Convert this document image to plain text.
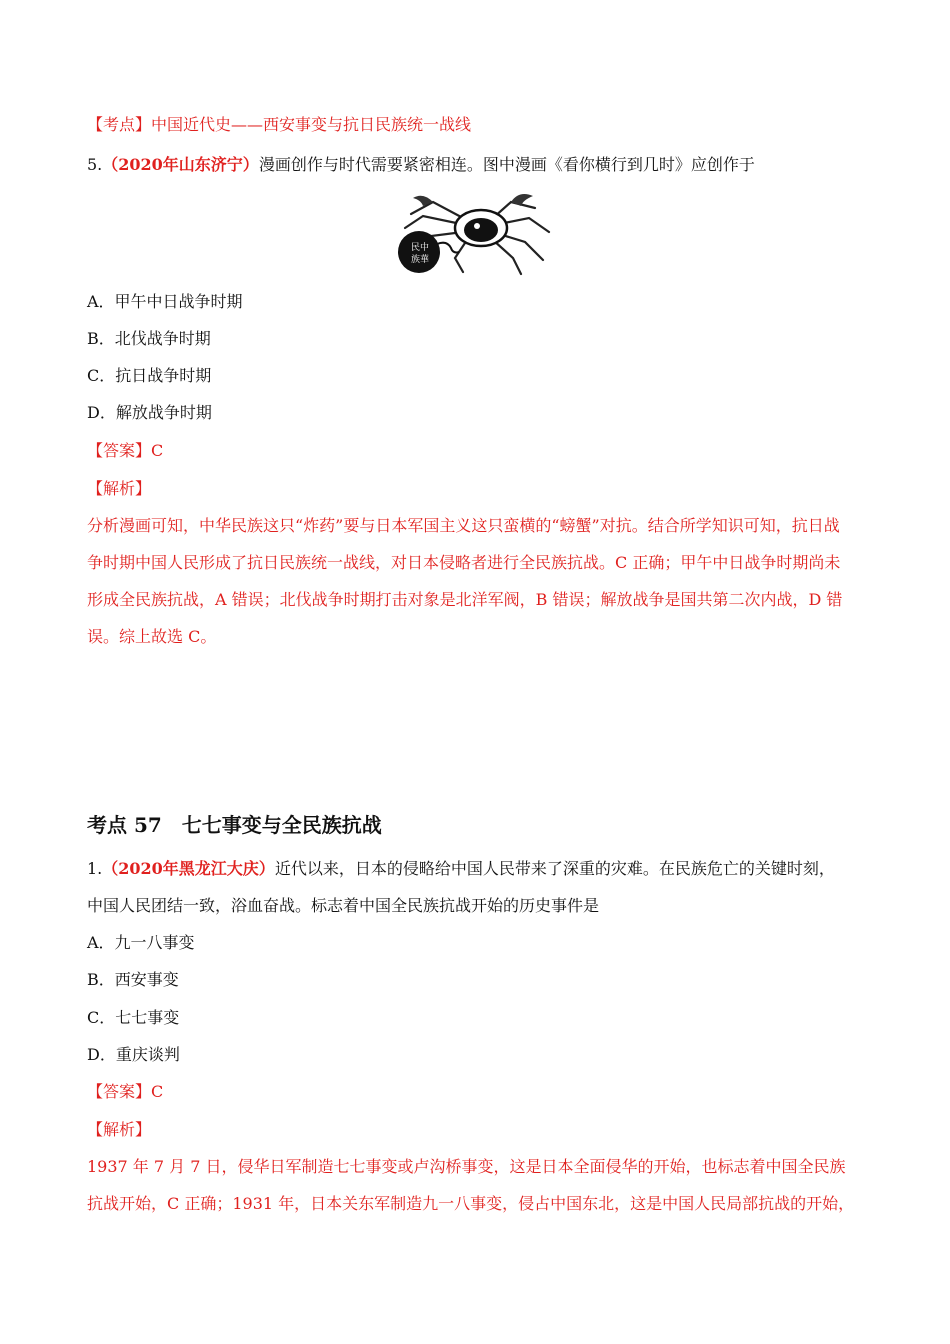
【考点】中国近代史——西安事变与抗日民族统一战线
5.（2020年山东济宁）漫画创作与时代需要紧密相连。图中漫画《看你横行到几时》应创作于
民中
族華
A．甲午中日战争时期
B．北伐战争时期
C．抗日战争时期
D．解放战争时期
【答案】C
【解析】
分析漫画可知，中华民族这只“炸药”要与日本军国主义这只蛮横的“螃蟹”对抗。结合所学知识可知，抗日战
争时期中国人民形成了抗日民族统一战线，对日本侵略者进行全民族抗战。C 正确；甲午中日战争时期尚未
形成全民族抗战，A 错误；北伐战争时期打击对象是北洋军阀，B 错误；解放战争是国共第二次内战，D 错
误。综上故选 C。
考点 57　七七事变与全民族抗战
1.（2020年黑龙江大庆）近代以来，日本的侵略给中国人民带来了深重的灾难。在民族危亡的关键时刻，
中国人民团结一致，浴血奋战。标志着中国全民族抗战开始的历史事件是
A．九一八事变
B．西安事变
C．七七事变
D．重庆谈判
【答案】C
【解析】
1937 年 7 月 7 日，侵华日军制造七七事变或卢沟桥事变，这是日本全面侵华的开始，也标志着中国全民族
抗战开始，C 正确；1931 年，日本关东军制造九一八事变，侵占中国东北，这是中国人民局部抗战的开始，
